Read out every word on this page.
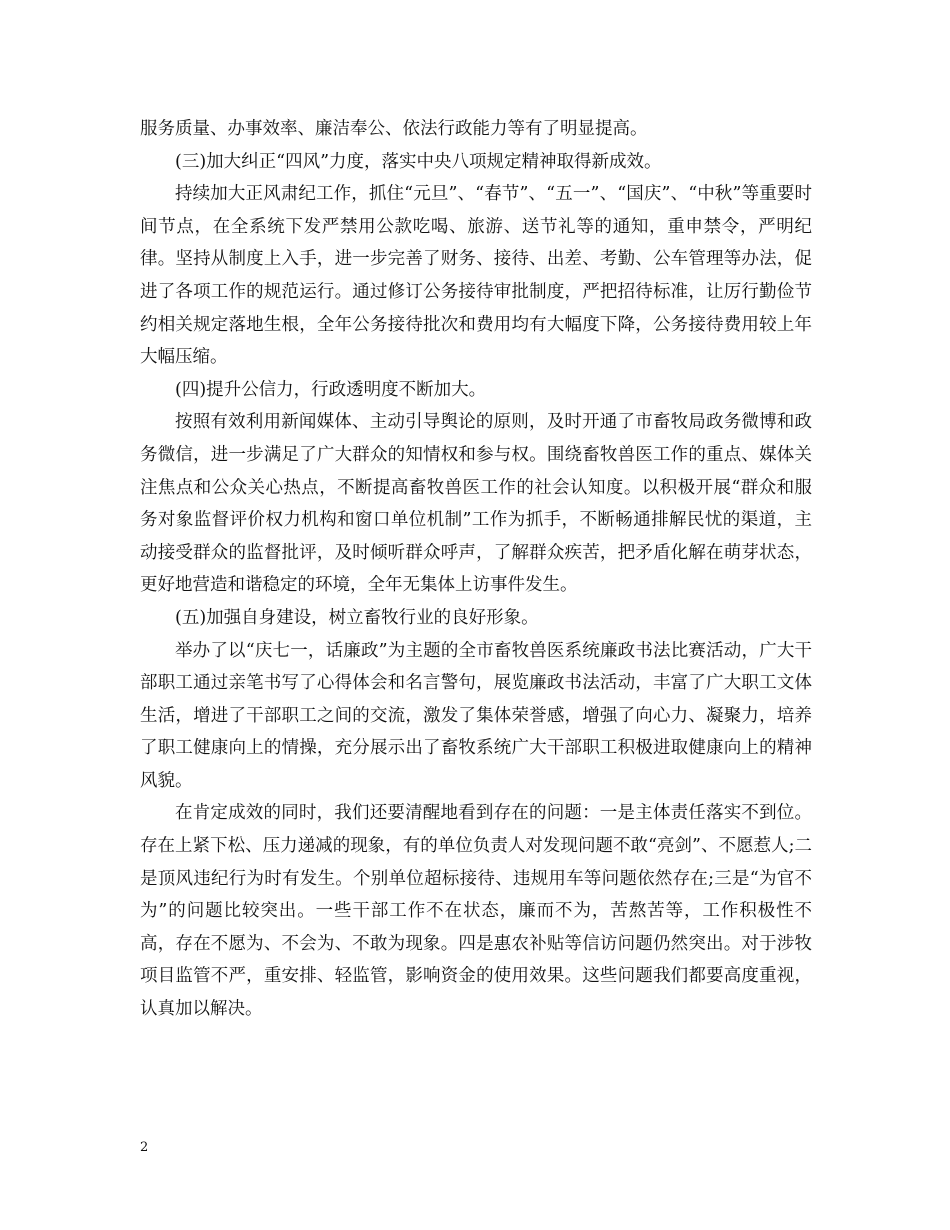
服务质量、办事效率、廉洁奉公、依法行政能力等有了明显提高。

(三)加大纠正“四风”力度，落实中央八项规定精神取得新成效。

持续加大正风肃纪工作，抓住“元旦”、“春节”、“五一”、“国庆”、“中秋”等重要时间节点，在全系统下发严禁用公款吃喝、旅游、送节礼等的通知，重申禁令，严明纪律。坚持从制度上入手，进一步完善了财务、接待、出差、考勤、公车管理等办法，促进了各项工作的规范运行。通过修订公务接待审批制度，严把招待标准，让厉行勤俭节约相关规定落地生根，全年公务接待批次和费用均有大幅度下降，公务接待费用较上年大幅压缩。

(四)提升公信力，行政透明度不断加大。

按照有效利用新闻媒体、主动引导舆论的原则，及时开通了市畜牧局政务微博和政务微信，进一步满足了广大群众的知情权和参与权。围绕畜牧兽医工作的重点、媒体关注焦点和公众关心热点，不断提高畜牧兽医工作的社会认知度。以积极开展“群众和服务对象监督评价权力机构和窗口单位机制”工作为抓手，不断畅通排解民忧的渠道，主动接受群众的监督批评，及时倾听群众呼声，了解群众疾苦，把矛盾化解在萌芽状态，更好地营造和谐稳定的环境，全年无集体上访事件发生。

(五)加强自身建设，树立畜牧行业的良好形象。

举办了以“庆七一，话廉政”为主题的全市畜牧兽医系统廉政书法比赛活动，广大干部职工通过亲笔书写了心得体会和名言警句，展览廉政书法活动，丰富了广大职工文体生活，增进了干部职工之间的交流，激发了集体荣誉感，增强了向心力、凝聚力，培养了职工健康向上的情操，充分展示出了畜牧系统广大干部职工积极进取健康向上的精神风貌。

在肯定成效的同时，我们还要清醒地看到存在的问题：一是主体责任落实不到位。存在上紧下松、压力递减的现象，有的单位负责人对发现问题不敢“亮剑”、不愿惹人;二是顶风违纪行为时有发生。个别单位超标接待、违规用车等问题依然存在;三是“为官不为”的问题比较突出。一些干部工作不在状态，廉而不为，苦熬苦等，工作积极性不高，存在不愿为、不会为、不敢为现象。四是惠农补贴等信访问题仍然突出。对于涉牧项目监管不严，重安排、轻监管，影响资金的使用效果。这些问题我们都要高度重视，认真加以解决。

2
